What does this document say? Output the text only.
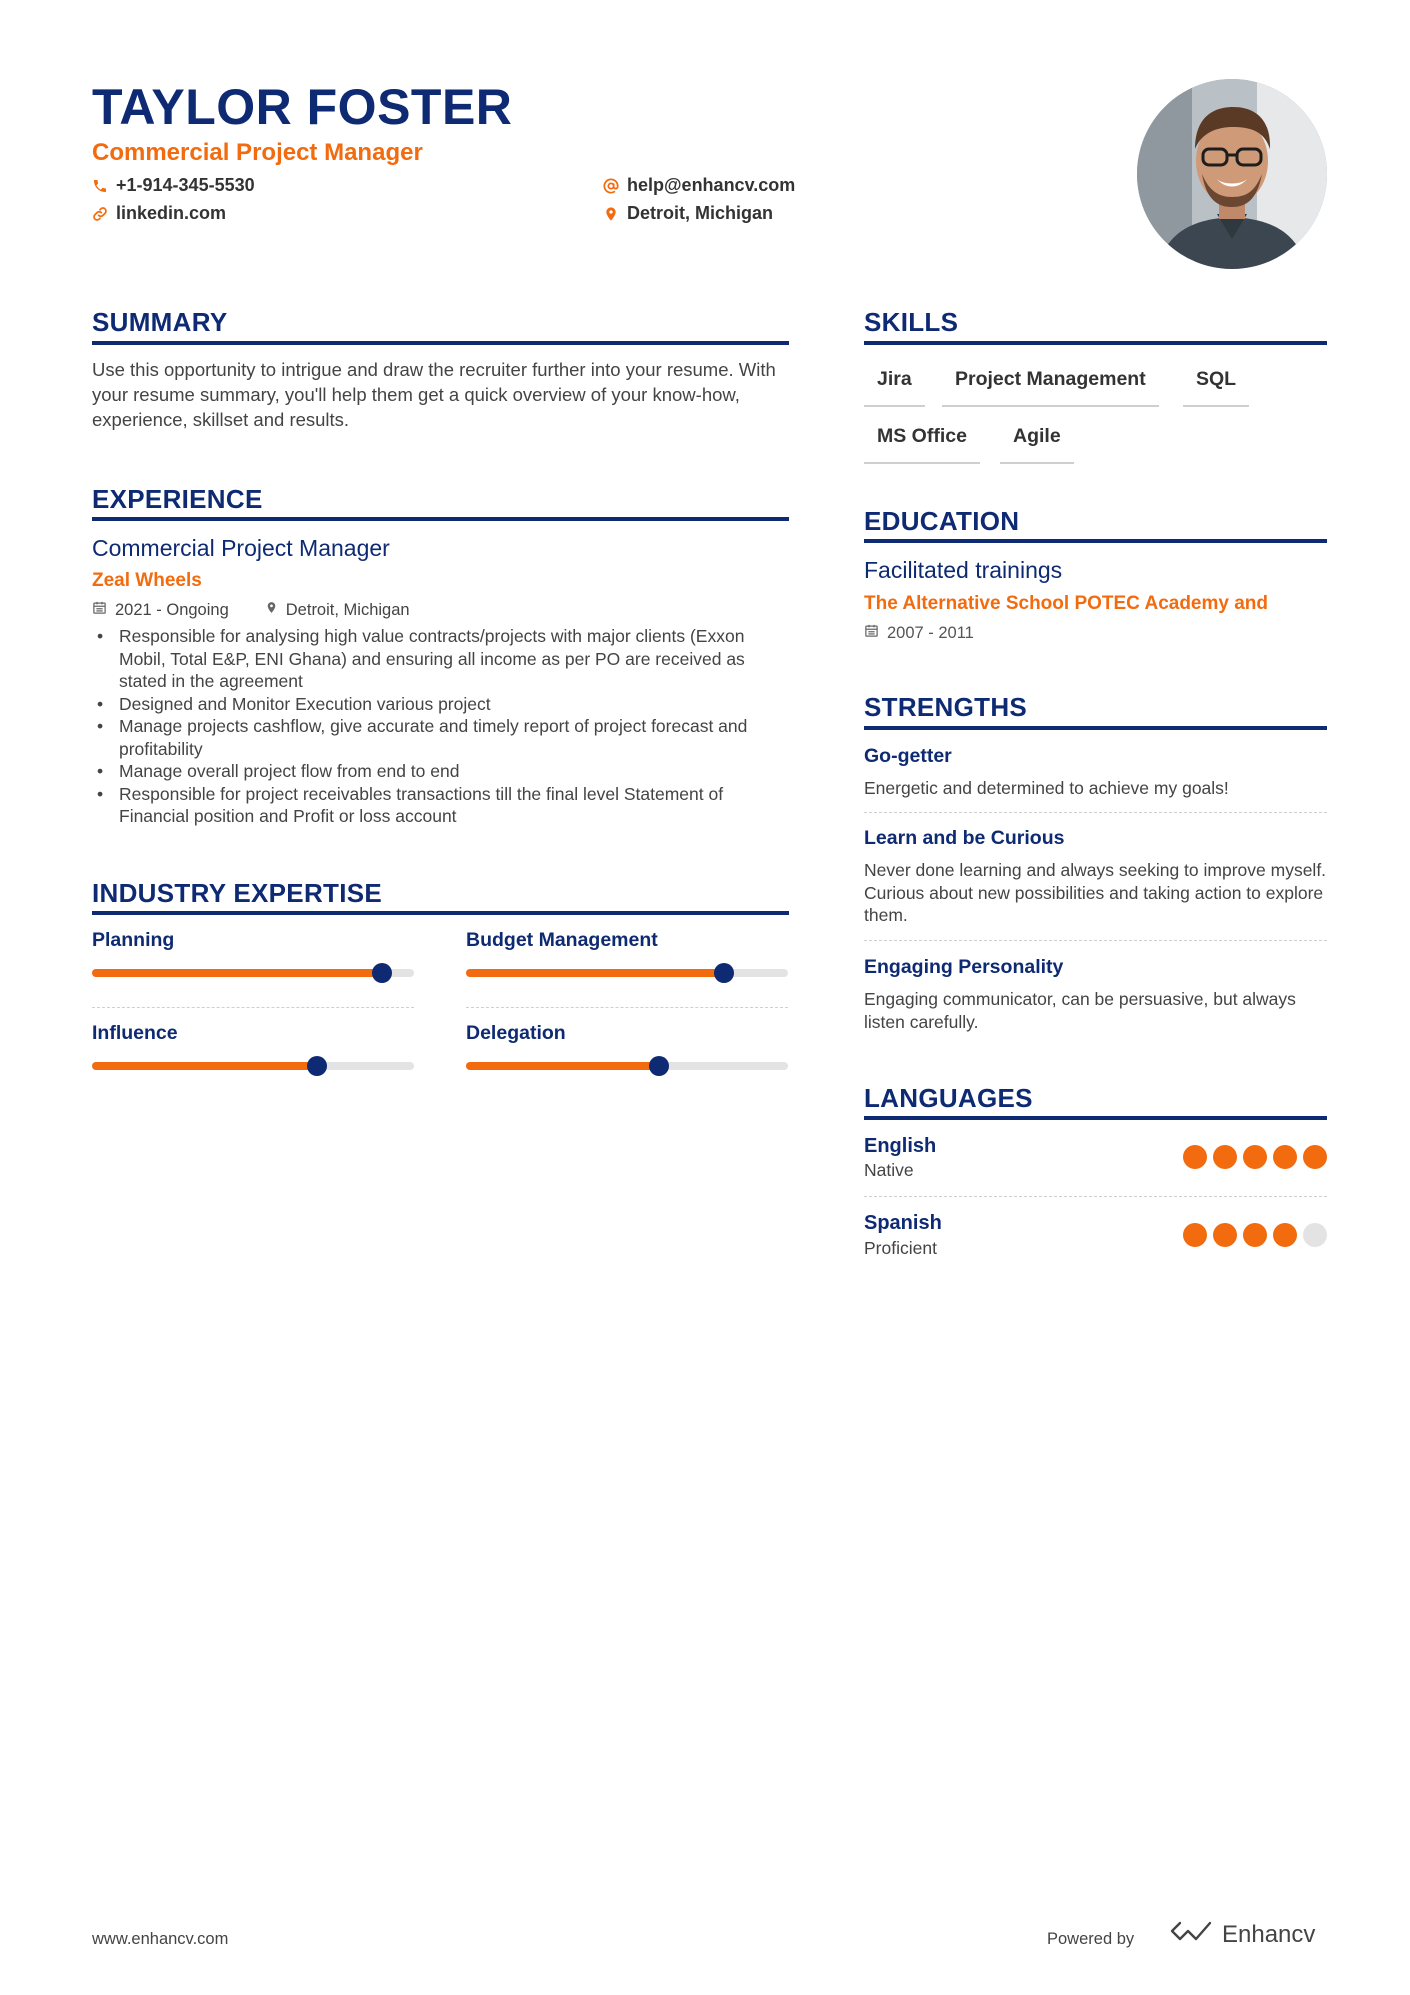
TAYLOR FOSTER
Commercial Project Manager
+1-914-345-5530
linkedin.com
help@enhancv.com
Detroit, Michigan
SUMMARY
Use this opportunity to intrigue and draw the recruiter further into your resume. With your resume summary, you'll help them get a quick overview of your know-how, experience, skillset and results.
EXPERIENCE
Commercial Project Manager
Zeal Wheels
2021 - Ongoing	Detroit, Michigan
• Responsible for analysing high value contracts/projects with major clients (Exxon Mobil, Total E&P, ENI Ghana) and ensuring all income as per PO are received as stated in the agreement
• Designed and Monitor Execution various project
• Manage projects cashflow, give accurate and timely report of project forecast and profitability
• Manage overall project flow from end to end
• Responsible for project receivables transactions till the final level Statement of Financial position and Profit or loss account
INDUSTRY EXPERTISE
Planning	Budget Management
Influence	Delegation
SKILLS
Jira	Project Management	SQL
MS Office	Agile
EDUCATION
Facilitated trainings
The Alternative School POTEC Academy and
2007 - 2011
STRENGTHS
Go-getter
Energetic and determined to achieve my goals!
Learn and be Curious
Never done learning and always seeking to improve myself. Curious about new possibilities and taking action to explore them.
Engaging Personality
Engaging communicator, can be persuasive, but always listen carefully.
LANGUAGES
English
Native
Spanish
Proficient
www.enhancv.com	Powered by	Enhancv
